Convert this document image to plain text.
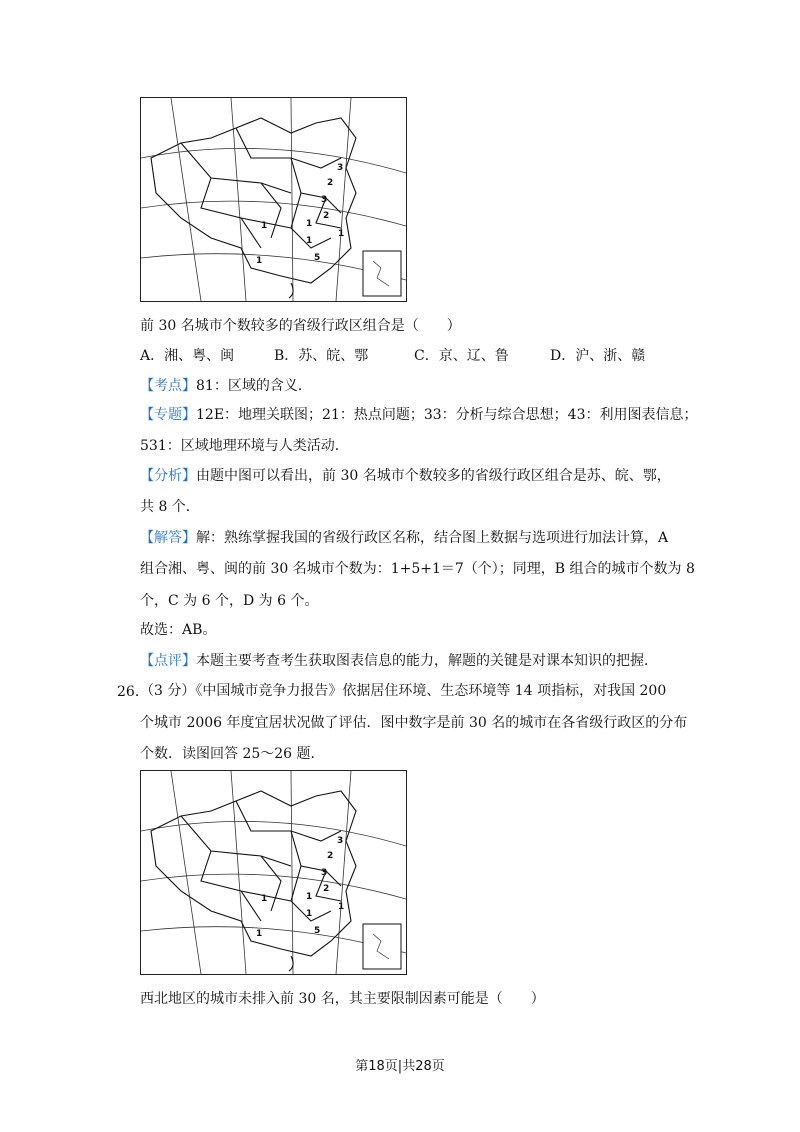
3
2
3
2
1	1
5
1
1
1
前 30 名城市个数较多的省级行政区组合是（　　）
A．湘、粤、闽	B．苏、皖、鄂	C．京、辽、鲁	D．沪、浙、赣
【考点】81：区域的含义．
【专题】12E：地理关联图；21：热点问题；33：分析与综合思想；43：利用图表信息；
531：区域地理环境与人类活动．
【分析】由题中图可以看出，前 30 名城市个数较多的省级行政区组合是苏、皖、鄂，
共 8 个．
【解答】解：熟练掌握我国的省级行政区名称，结合图上数据与选项进行加法计算，A
组合湘、粤、闽的前 30 名城市个数为：1+5+1＝7（个）；同理，B 组合的城市个数为 8
个，C 为 6 个，D 为 6 个。
故选：AB。
【点评】本题主要考查考生获取图表信息的能力，解题的关键是对课本知识的把握．
26．
（3 分）《中国城市竞争力报告》依据居住环境、生态环境等 14 项指标，对我国 200
个城市 2006 年度宜居状况做了评估．图中数字是前 30 名的城市在各省级行政区的分布
个数．读图回答 25～26 题．
3
2
3
2
1	1
5
1
1
1
西北地区的城市未排入前 30 名，其主要限制因素可能是（　　）
第18页|共28页
